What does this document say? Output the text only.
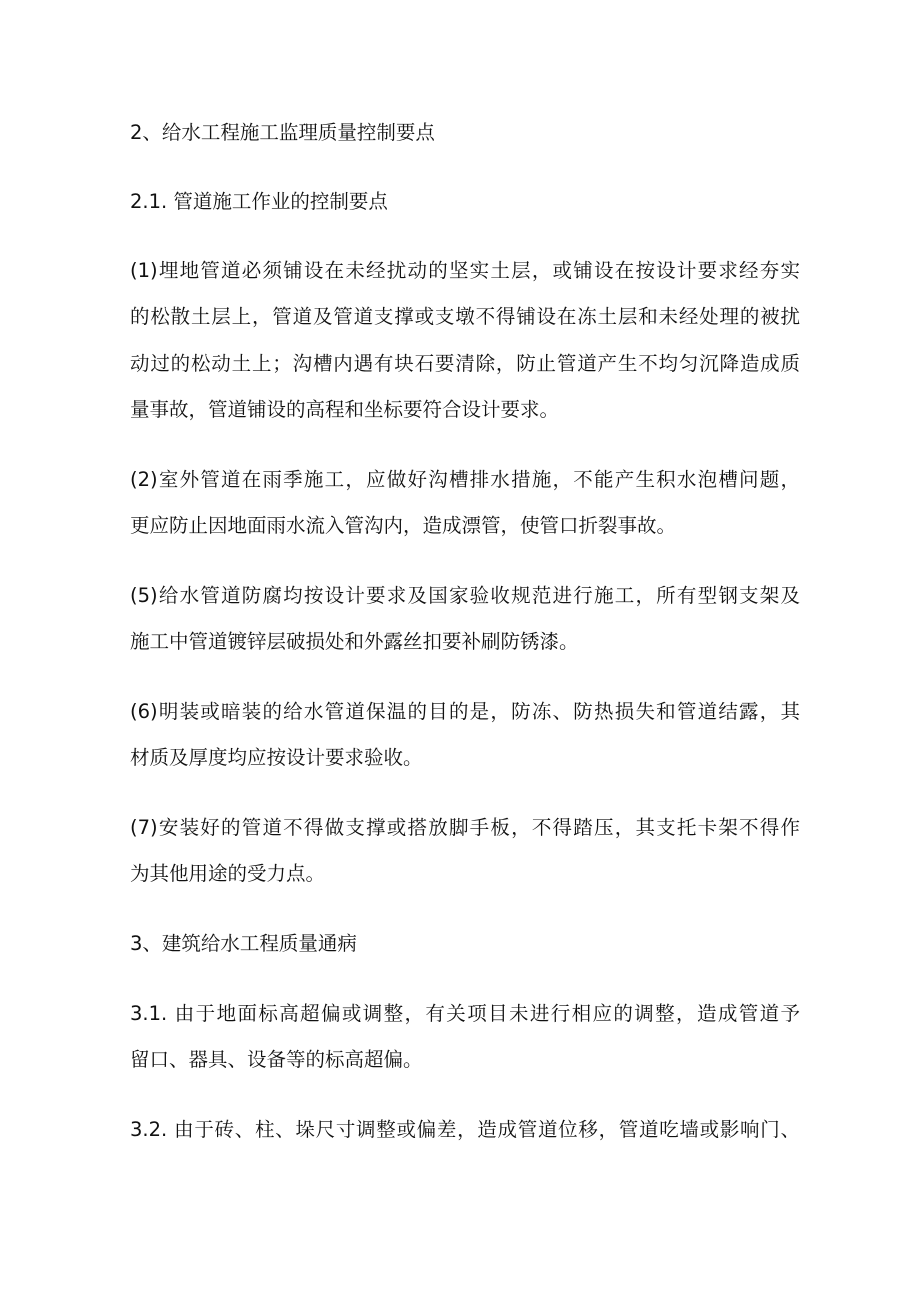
2、给水工程施工监理质量控制要点

2.1. 管道施工作业的控制要点

(1)埋地管道必须铺设在未经扰动的坚实土层，或铺设在按设计要求经夯实

的松散土层上，管道及管道支撑或支墩不得铺设在冻土层和未经处理的被扰

动过的松动土上；沟槽内遇有块石要清除，防止管道产生不均匀沉降造成质

量事故，管道铺设的高程和坐标要符合设计要求。

(2)室外管道在雨季施工，应做好沟槽排水措施，不能产生积水泡槽问题，

更应防止因地面雨水流入管沟内，造成漂管，使管口折裂事故。

(5)给水管道防腐均按设计要求及国家验收规范进行施工，所有型钢支架及

施工中管道镀锌层破损处和外露丝扣要补刷防锈漆。

(6)明装或暗装的给水管道保温的目的是，防冻、防热损失和管道结露，其

材质及厚度均应按设计要求验收。

(7)安装好的管道不得做支撑或搭放脚手板，不得踏压，其支托卡架不得作

为其他用途的受力点。

3、建筑给水工程质量通病

3.1. 由于地面标高超偏或调整，有关项目未进行相应的调整，造成管道予

留口、器具、设备等的标高超偏。

3.2. 由于砖、柱、垛尺寸调整或偏差，造成管道位移，管道吃墙或影响门、
